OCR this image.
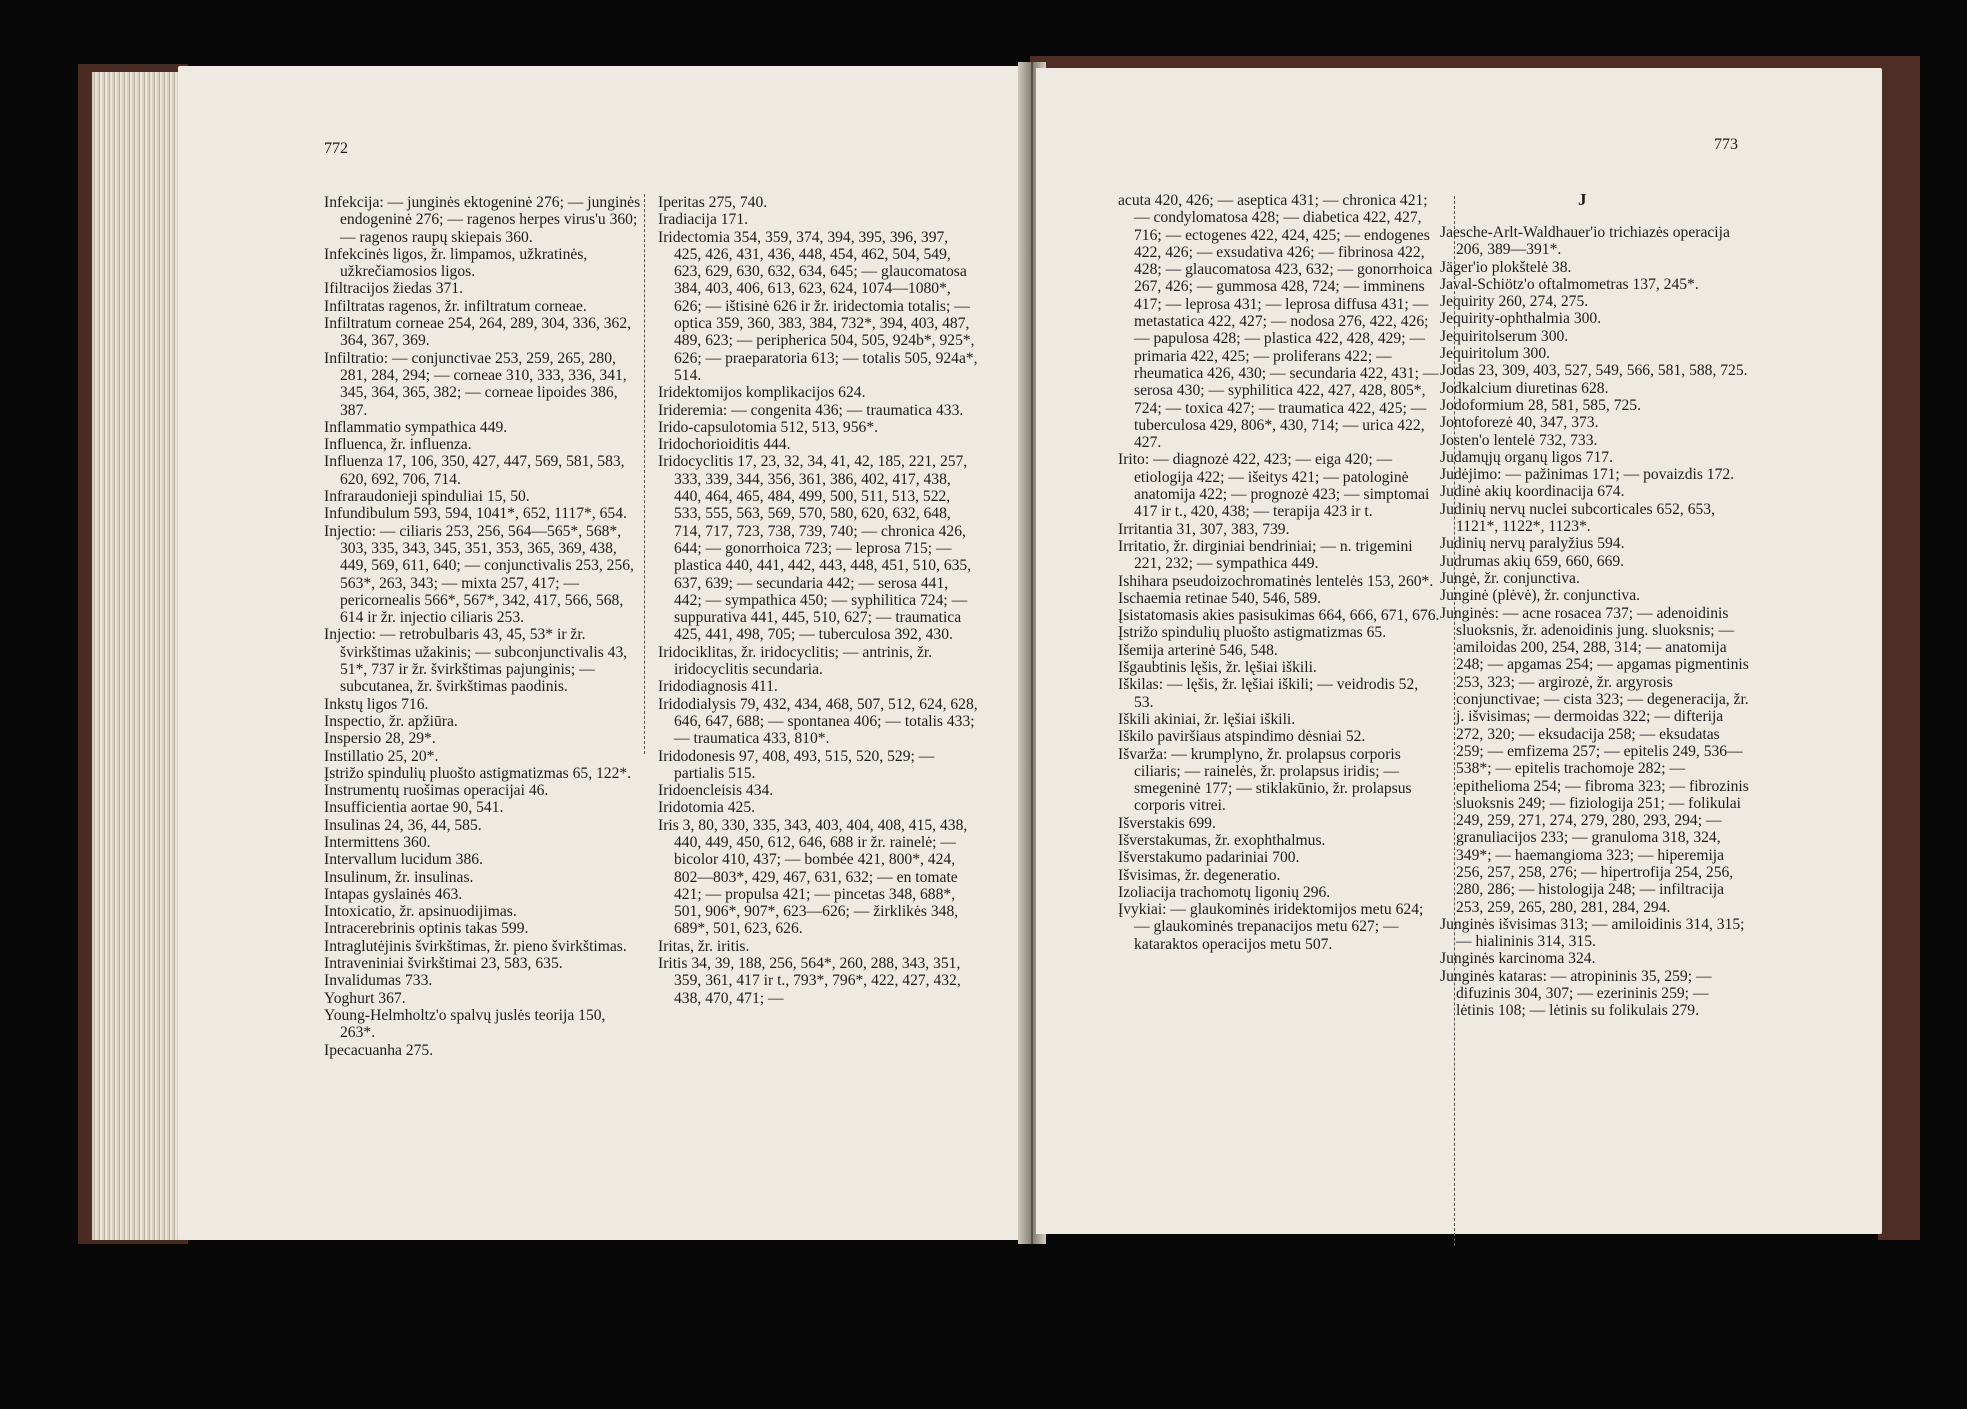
772

Infekcija: — junginės ektogeninė 276; — junginės endogeninė 276; — ragenos herpes virus'u 360; — ragenos raupų skiepais 360.

Infekcinės ligos, žr. limpamos, užkratinės, užkrečiamosios ligos.

Ifiltracijos žiedas 371.

Infiltratas ragenos, žr. infiltratum corneae.

Infiltratum corneae 254, 264, 289, 304, 336, 362, 364, 367, 369.

Infiltratio: — conjunctivae 253, 259, 265, 280, 281, 284, 294; — corneae 310, 333, 336, 341, 345, 364, 365, 382; — corneae lipoides 386, 387.

Inflammatio sympathica 449.

Influenca, žr. influenza.

Influenza 17, 106, 350, 427, 447, 569, 581, 583, 620, 692, 706, 714.

Infraraudonieji spinduliai 15, 50.

Infundibulum 593, 594, 1041*, 652, 1117*, 654.

Injectio: — ciliaris 253, 256, 564—565*, 568*, 303, 335, 343, 345, 351, 353, 365, 369, 438, 449, 569, 611, 640; — conjunctivalis 253, 256, 563*, 263, 343; — mixta 257, 417; — pericornealis 566*, 567*, 342, 417, 566, 568, 614 ir žr. injectio ciliaris 253.

Injectio: — retrobulbaris 43, 45, 53* ir žr. švirkštimas užakinis; — subconjunctivalis 43, 51*, 737 ir žr. švirkštimas pajunginis; — subcutanea, žr. švirkštimas paodinis.

Inkstų ligos 716.

Inspectio, žr. apžiūra.

Inspersio 28, 29*.

Instillatio 25, 20*.

Įstrižo spindulių pluošto astigmatizmas 65, 122*.

Instrumentų ruošimas operacijai 46.

Insufficientia aortae 90, 541.

Insulinas 24, 36, 44, 585.

Intermittens 360.

Intervallum lucidum 386.

Insulinum, žr. insulinas.

Intapas gyslainės 463.

Intoxicatio, žr. apsinuodijimas.

Intracerebrinis optinis takas 599.

Intraglutėjinis švirkštimas, žr. pieno švirkštimas.

Intraveniniai švirkštimai 23, 583, 635.

Invalidumas 733.

Yoghurt 367.

Young-Helmholtz'o spalvų juslės teorija 150, 263*.

Ipecacuanha 275.

Iperitas 275, 740.

Iradiacija 171.

Iridectomia 354, 359, 374, 394, 395, 396, 397, 425, 426, 431, 436, 448, 454, 462, 504, 549, 623, 629, 630, 632, 634, 645; — glaucomatosa 384, 403, 406, 613, 623, 624, 1074—1080*, 626; — ištisinė 626 ir žr. iridectomia totalis; — optica 359, 360, 383, 384, 732*, 394, 403, 487, 489, 623; — peripherica 504, 505, 924b*, 925*, 626; — praeparatoria 613; — totalis 505, 924a*, 514.

Iridektomijos komplikacijos 624.

Irideremia: — congenita 436; — traumatica 433.

Irido-capsulotomia 512, 513, 956*.

Iridochorioiditis 444.

Iridocyclitis 17, 23, 32, 34, 41, 42, 185, 221, 257, 333, 339, 344, 356, 361, 386, 402, 417, 438, 440, 464, 465, 484, 499, 500, 511, 513, 522, 533, 555, 563, 569, 570, 580, 620, 632, 648, 714, 717, 723, 738, 739, 740; — chronica 426, 644; — gonorrhoica 723; — leprosa 715; — plastica 440, 441, 442, 443, 448, 451, 510, 635, 637, 639; — secundaria 442; — serosa 441, 442; — sympathica 450; — syphilitica 724; — suppurativa 441, 445, 510, 627; — traumatica 425, 441, 498, 705; — tuberculosa 392, 430.

Iridociklitas, žr. iridocyclitis; — antrinis, žr. iridocyclitis secundaria.

Iridodiagnosis 411.

Iridodialysis 79, 432, 434, 468, 507, 512, 624, 628, 646, 647, 688; — spontanea 406; — totalis 433; — traumatica 433, 810*.

Iridodonesis 97, 408, 493, 515, 520, 529; — partialis 515.

Iridoencleisis 434.

Iridotomia 425.

Iris 3, 80, 330, 335, 343, 403, 404, 408, 415, 438, 440, 449, 450, 612, 646, 688 ir žr. rainelė; — bicolor 410, 437; — bombée 421, 800*, 424, 802—803*, 429, 467, 631, 632; — en tomate 421; — propulsa 421; — pincetas 348, 688*, 501, 906*, 907*, 623—626; — žirklikės 348, 689*, 501, 623, 626.

Iritas, žr. iritis.

Iritis 34, 39, 188, 256, 564*, 260, 288, 343, 351, 359, 361, 417 ir t., 793*, 796*, 422, 427, 432, 438, 470, 471; —

773

acuta 420, 426; — aseptica 431; — chronica 421; — condylomatosa 428; — diabetica 422, 427, 716; — ectogenes 422, 424, 425; — endogenes 422, 426; — exsudativa 426; — fibrinosa 422, 428; — glaucomatosa 423, 632; — gonorrhoica 267, 426; — gummosa 428, 724; — imminens 417; — leprosa 431; — leprosa diffusa 431; — metastatica 422, 427; — nodosa 276, 422, 426; — papulosa 428; — plastica 422, 428, 429; — primaria 422, 425; — proliferans 422; — rheumatica 426, 430; — secundaria 422, 431; — serosa 430; — syphilitica 422, 427, 428, 805*, 724; — toxica 427; — traumatica 422, 425; — tuberculosa 429, 806*, 430, 714; — urica 422, 427.

Irito: — diagnozė 422, 423; — eiga 420; — etiologija 422; — išeitys 421; — patologinė anatomija 422; — prognozė 423; — simptomai 417 ir t., 420, 438; — terapija 423 ir t.

Irritantia 31, 307, 383, 739.

Irritatio, žr. dirginiai bendriniai; — n. trigemini 221, 232; — sympathica 449.

Ishihara pseudoizochromatinės lentelės 153, 260*.

Ischaemia retinae 540, 546, 589.

Įsistatomasis akies pasisukimas 664, 666, 671, 676.

Įstrižo spindulių pluošto astigmatizmas 65.

Išemija arterinė 546, 548.

Išgaubtinis lęšis, žr. lęšiai iškili.

Iškilas: — lęšis, žr. lęšiai iškili; — veidrodis 52, 53.

Iškili akiniai, žr. lęšiai iškili.

Iškilo paviršiaus atspindimo dėsniai 52.

Išvarža: — krumplyno, žr. prolapsus corporis ciliaris; — rainelės, žr. prolapsus iridis; — smegeninė 177; — stiklakūnio, žr. prolapsus corporis vitrei.

Išverstakis 699.

Išverstakumas, žr. exophthalmus.

Išverstakumo padariniai 700.

Išvisimas, žr. degeneratio.

Izoliacija trachomotų ligonių 296.

Įvykiai: — glaukominės iridektomijos metu 624; — glaukominės trepanacijos metu 627; — kataraktos operacijos metu 507.

J

Jaesche-Arlt-Waldhauer'io trichiazės operacija 206, 389—391*.

Jäger'io plokštelė 38.

Javal-Schiötz'o oftalmometras 137, 245*.

Jequirity 260, 274, 275.

Jequirity-ophthalmia 300.

Jequiritolserum 300.

Jequiritolum 300.

Jodas 23, 309, 403, 527, 549, 566, 581, 588, 725.

Jodkalcium diuretinas 628.

Jodoformium 28, 581, 585, 725.

Jontoforezė 40, 347, 373.

Josten'o lentelė 732, 733.

Judamųjų organų ligos 717.

Judėjimo: — pažinimas 171; — povaizdis 172.

Judinė akių koordinacija 674.

Judinių nervų nuclei subcorticales 652, 653, 1121*, 1122*, 1123*.

Judinių nervų paralyžius 594.

Judrumas akių 659, 660, 669.

Jungė, žr. conjunctiva.

Junginė (plėvė), žr. conjunctiva.

Junginės: — acne rosacea 737; — adenoidinis sluoksnis, žr. adenoidinis jung. sluoksnis; — amiloidas 200, 254, 288, 314; — anatomija 248; — apgamas 254; — apgamas pigmentinis 253, 323; — argirozė, žr. argyrosis conjunctivae; — cista 323; — degeneracija, žr. j. išvisimas; — dermoidas 322; — difterija 272, 320; — eksudacija 258; — eksudatas 259; — emfizema 257; — epitelis 249, 536—538*; — epitelis trachomoje 282; — epithelioma 254; — fibroma 323; — fibrozinis sluoksnis 249; — fiziologija 251; — folikulai 249, 259, 271, 274, 279, 280, 293, 294; — granuliacijos 233; — granuloma 318, 324, 349*; — haemangioma 323; — hiperemija 256, 257, 258, 276; — hipertrofija 254, 256, 280, 286; — histologija 248; — infiltracija 253, 259, 265, 280, 281, 284, 294.

Junginės išvisimas 313; — amiloidinis 314, 315; — hialininis 314, 315.

Junginės karcinoma 324.

Junginės kataras: — atropininis 35, 259; — difuzinis 304, 307; — ezerininis 259; — lėtinis 108; — lėtinis su folikulais 279.
